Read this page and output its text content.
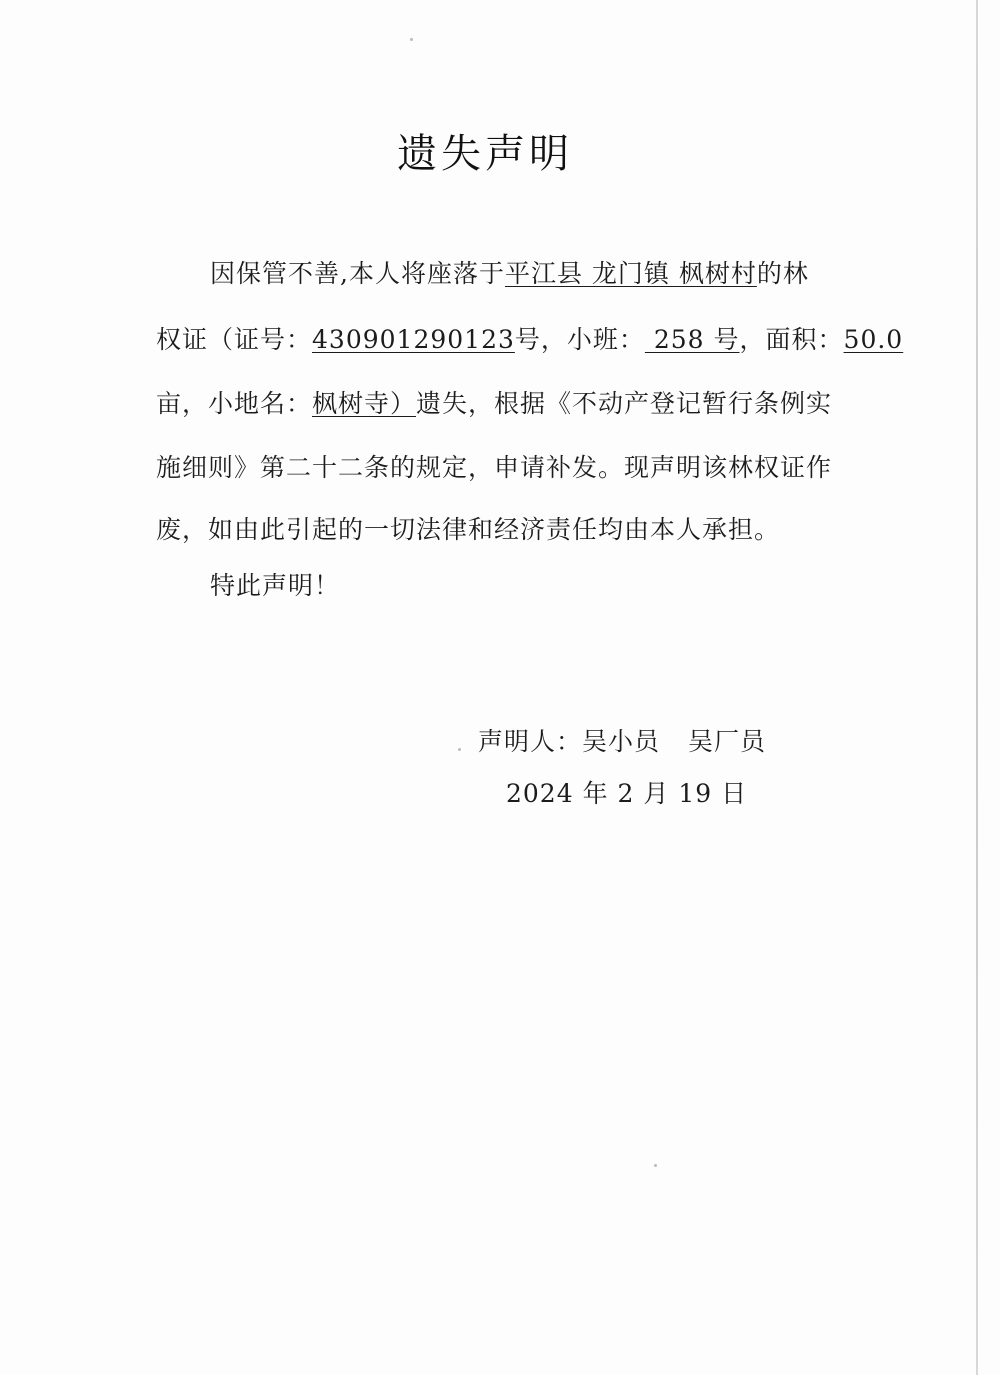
遗失声明
因保管不善,本人将座落于平江县 龙门镇 枫树村的林
权证（证号：430901290123号，小班： 258 号，面积：50.0
亩，小地名：枫树寺）遗失，根据《不动产登记暂行条例实
施细则》第二十二条的规定，申请补发。现声明该林权证作
废，如由此引起的一切法律和经济责任均由本人承担。
特此声明！
声明人：吴小员 吴厂员
2024 年 2 月 19 日
